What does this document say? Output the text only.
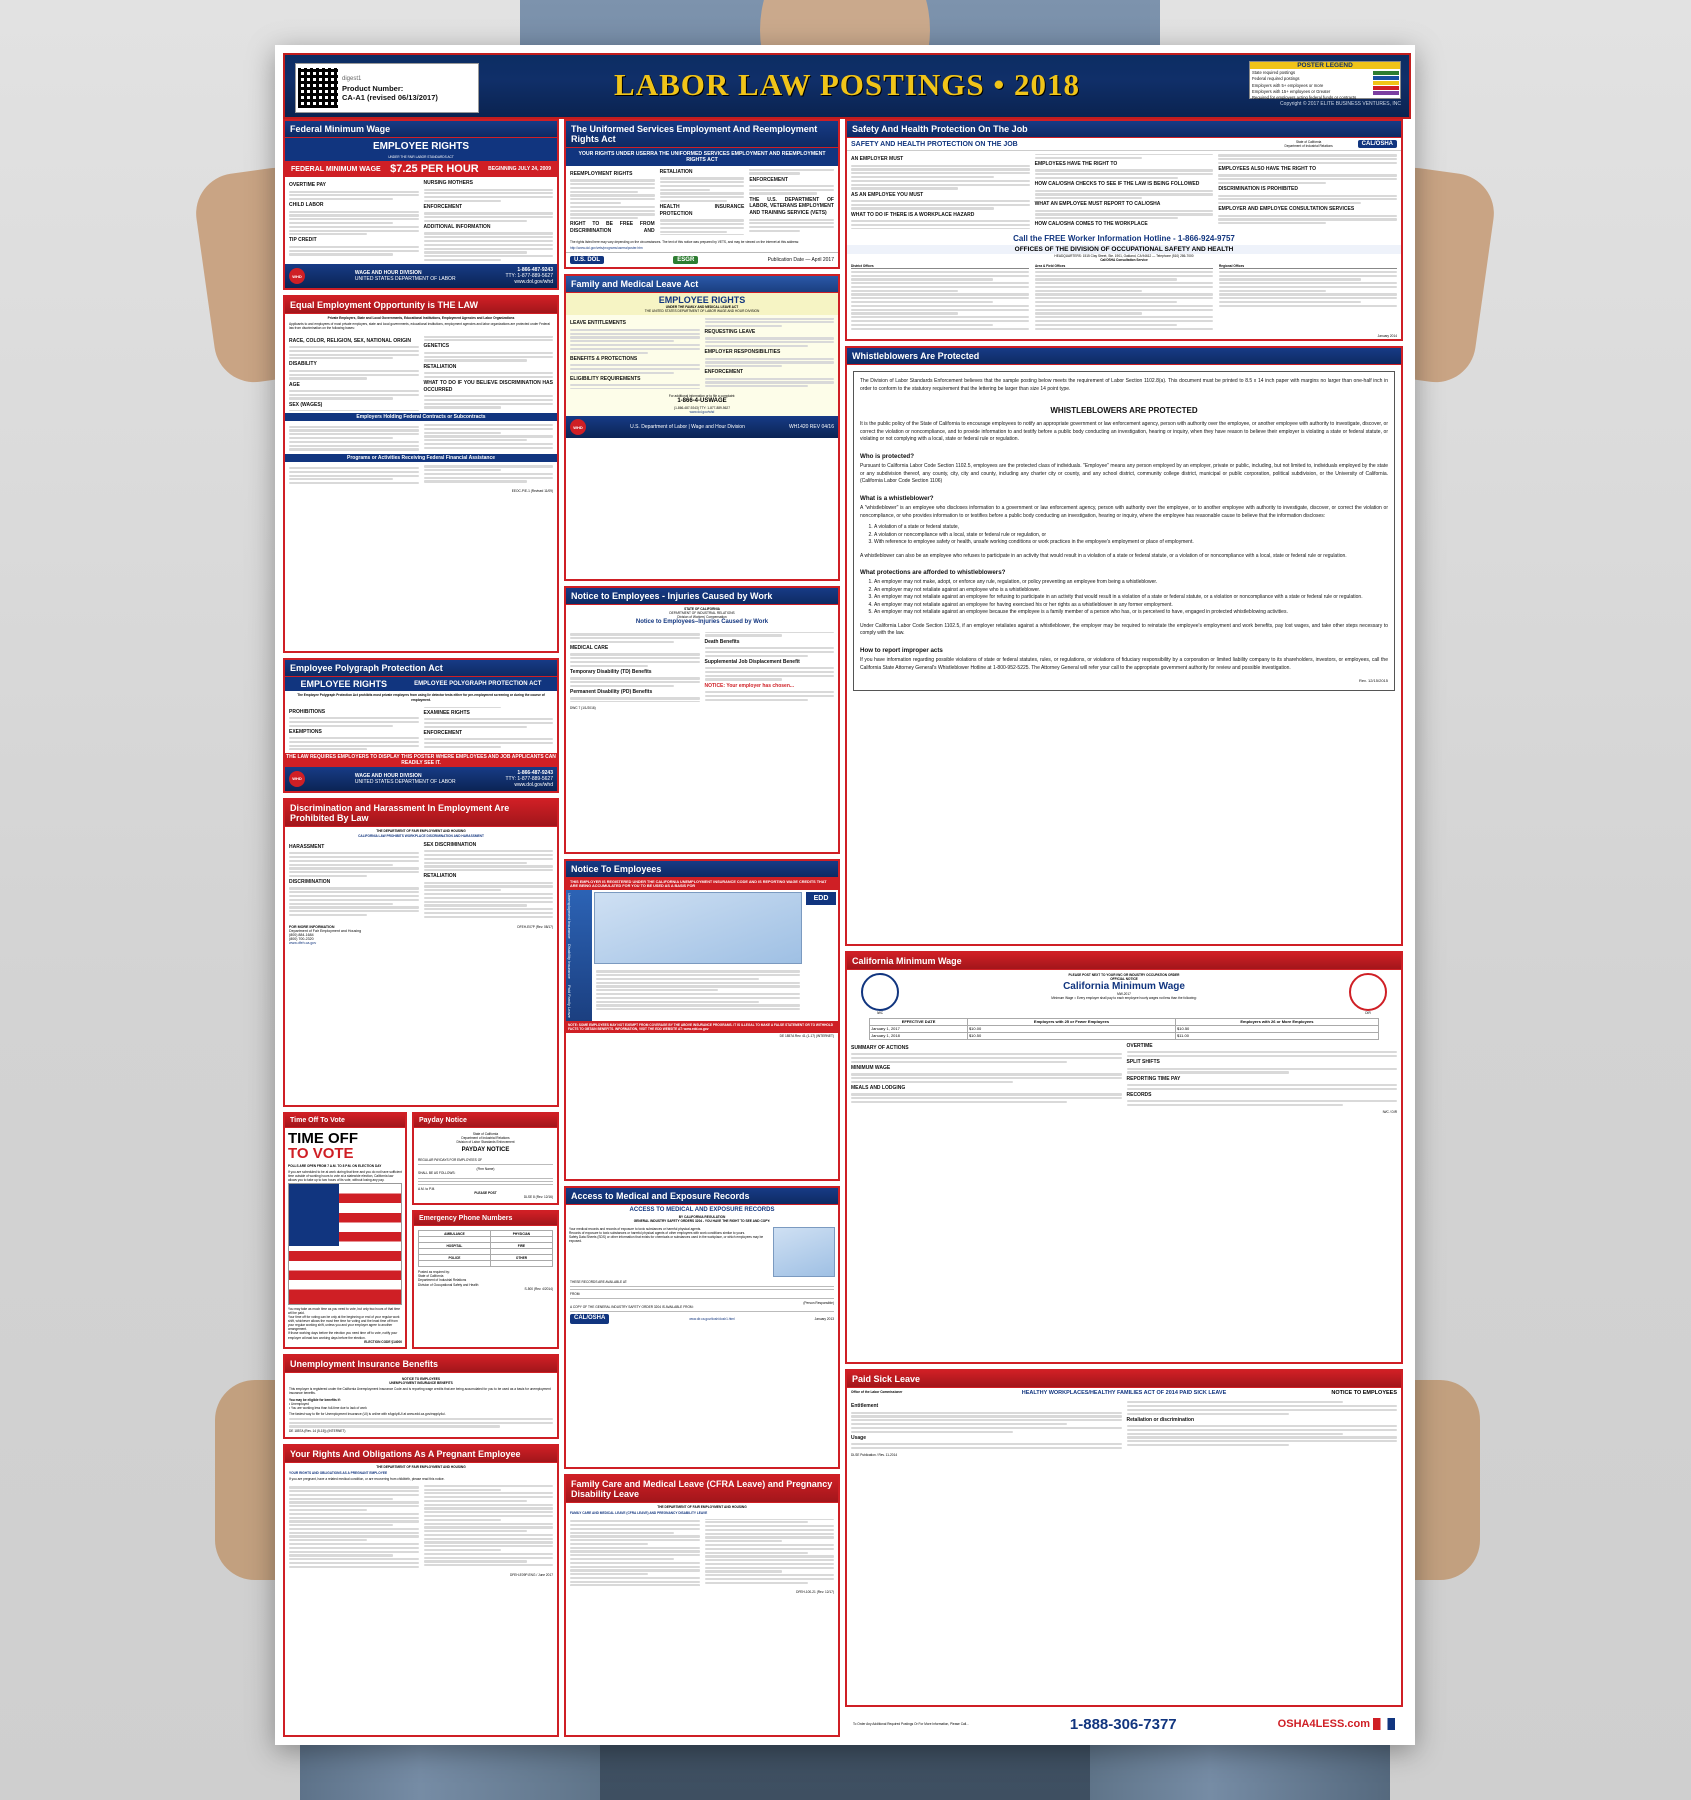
digest1
Product Number:
CA-A1 (revised 06/13/2017)	LABOR LAW POSTINGS • 2018
POSTER LEGEND
State required postings
Federal required postings
Employers with 5+ employees or more
Employers with 15+ employees or Greater
Required for employers acting federal funds or contracts
Copyright © 2017 ELITE BUSINESS VENTURES, INC
Federal Minimum Wage
EMPLOYEE RIGHTS
UNDER THE FAIR LABOR STANDARDS ACT
FEDERAL MINIMUM WAGE $7.25 PER HOUR BEGINNING JULY 24, 2009
OVERTIME PAY
CHILD LABOR
TIP CREDIT
NURSING MOTHERS
ENFORCEMENT
ADDITIONAL INFORMATION
WHD	WAGE AND HOUR DIVISION
UNITED STATES DEPARTMENT OF LABOR
1-866-487-9243
TTY: 1-877-889-5627
www.dol.gov/whd
Equal Employment Opportunity is THE LAW
Private Employers, State and Local Governments, Educational Institutions, Employment Agencies and Labor Organizations
Applicants to and employees of most private employers, state and local governments, educational institutions, employment agencies and labor organizations are protected under Federal law from discrimination on the following bases:
RACE, COLOR, RELIGION, SEX, NATIONAL ORIGIN
DISABILITY
AGE
SEX (WAGES)
GENETICS
RETALIATION
WHAT TO DO IF YOU BELIEVE DISCRIMINATION HAS OCCURRED
Employers Holding Federal Contracts or Subcontracts
Programs or Activities Receiving Federal Financial Assistance
EEOC-P/E-1 (Revised 11/09)
Employee Polygraph Protection Act
EMPLOYEE RIGHTS	EMPLOYEE POLYGRAPH PROTECTION ACT
The Employee Polygraph Protection Act prohibits most private employers from using lie detector tests either for pre-employment screening or during the course of employment.
PROHIBITIONS
EXEMPTIONS
EXAMINEE RIGHTS
ENFORCEMENT
THE LAW REQUIRES EMPLOYERS TO DISPLAY THIS POSTER WHERE EMPLOYEES AND JOB APPLICANTS CAN READILY SEE IT.
WHD	WAGE AND HOUR DIVISION
UNITED STATES DEPARTMENT OF LABOR
1-866-487-9243
TTY: 1-877-889-5627
www.dol.gov/whd
Discrimination and Harassment In Employment Are Prohibited By Law
THE DEPARTMENT OF FAIR EMPLOYMENT AND HOUSING
CALIFORNIA LAW PROHIBITS WORKPLACE DISCRIMINATION AND HARASSMENT
HARASSMENT
DISCRIMINATION
SEX DISCRIMINATION
RETALIATION
FOR MORE INFORMATION
Department of Fair Employment and Housing
(800) 884-1684
(800) 700-2320
www.dfeh.ca.gov
DFEH-E07P (Rev. 08/17)
Time Off To Vote
TIME OFF
TO VOTE
POLLS ARE OPEN FROM 7 A.M. TO 8 P.M. ON ELECTION DAY
If you are scheduled to be at work during that time and you do not have sufficient time outside of working hours to vote at a statewide election, California law allows you to take up to two hours of its vote, without losing any pay.
You may take as much time as you need to vote, but only two hours of that time will be paid.
Your time off for voting can be only at the beginning or end of your regular work shift, whichever allows the most free time for voting and the least time off from your regular working shift, unless you and your employer agree to another arrangement.
If those working days before the election you need time off to vote, notify your employer at least two working days before the election.
ELECTION CODE §14000
Payday Notice
State of California
Department of Industrial Relations
Division of Labor Standards Enforcement
PAYDAY NOTICE
REGULAR PAYDAYS FOR EMPLOYEES OF
(Firm Name)
SHALL BE AS FOLLOWS:
A.M. to P.M.
PLEASE POST
DLSE 8 (Rev. 12/16)
Emergency Phone Numbers
AMBULANCE	PHYSICIAN

HOSPITAL	FIRE

POLICE	OTHER

Posted as required by:
State of California
Department of Industrial Relations
Division of Occupational Safety and Health
S-500 (Rev. 4/2014)
Unemployment Insurance Benefits
NOTICE TO EMPLOYEES
UNEMPLOYMENT INSURANCE BENEFITS
This employer is registered under the California Unemployment Insurance Code and is reporting wage credits that are being accumulated for you to be used as a basis for unemployment insurance benefits.
You may be eligible for benefits if:
• Unemployed
• You are working less than full-time due to lack of work
The fastest way to file for Unemployment Insurance (UI) is online with eApply4UI at www.edd.ca.gov/eapply4ui.
DE 1857A (Rev. 14 (5-15)) (INTERNET)
Your Rights And Obligations As A Pregnant Employee
THE DEPARTMENT OF FAIR EMPLOYMENT AND HOUSING
YOUR RIGHTS AND OBLIGATIONS AS A PREGNANT EMPLOYEE
If you are pregnant, have a related medical condition, or are recovering from childbirth, please read this notice.
DFEH-E09P-ENG / June 2017
The Uniformed Services Employment And Reemployment Rights Act
YOUR RIGHTS UNDER USERRA THE UNIFORMED SERVICES EMPLOYMENT AND REEMPLOYMENT RIGHTS ACT
REEMPLOYMENT RIGHTS
RIGHT TO BE FREE FROM DISCRIMINATION AND RETALIATION
HEALTH INSURANCE PROTECTION
ENFORCEMENT
THE U.S. DEPARTMENT OF LABOR, VETERANS EMPLOYMENT AND TRAINING SERVICE (VETS)
The rights listed here may vary depending on the circumstances. The text of this notice was prepared by VETS, and may be viewed on the internet at this address:
http://www.dol.gov/vets/programs/userra/poster.htm
U.S. DOL	ESGR	Publication Date — April 2017
Family and Medical Leave Act
EMPLOYEE RIGHTS
UNDER THE FAMILY AND MEDICAL LEAVE ACT
THE UNITED STATES DEPARTMENT OF LABOR WAGE AND HOUR DIVISION
LEAVE ENTITLEMENTS
BENEFITS & PROTECTIONS
ELIGIBILITY REQUIREMENTS
REQUESTING LEAVE
EMPLOYER RESPONSIBILITIES
ENFORCEMENT
For additional information or to file a complaint:
1-866-4-USWAGE
(1-866-487-9243) TTY: 1-877-889-5627
www.dol.gov/whd
WHD	U.S. Department of Labor | Wage and Hour Division	WH1420 REV 04/16
Notice to Employees - Injuries Caused by Work
STATE OF CALIFORNIA
DEPARTMENT OF INDUSTRIAL RELATIONS
Division of Workers' Compensation
Notice to Employees–Injuries Caused by Work
MEDICAL CARE
Temporary Disability (TD) Benefits
Permanent Disability (PD) Benefits
Death Benefits
Supplemental Job Displacement Benefit
NOTICE: Your employer has chosen...
DWC 7 (1/1/2016)
Notice To Employees
THIS EMPLOYER IS REGISTERED UNDER THE CALIFORNIA UNEMPLOYMENT INSURANCE CODE AND IS REPORTING WAGE CREDITS THAT ARE BEING ACCUMULATED FOR YOU TO BE USED AS A BASIS FOR
Unemployment Insurance
Disability Insurance
Paid Family Leave
EDD
NOTE: SOME EMPLOYEES MAY NOT EXEMPT FROM COVERAGE BY THE ABOVE INSURANCE PROGRAMS. IT IS ILLEGAL TO MAKE A FALSE STATEMENT OR TO WITHHOLD FACTS TO OBTAIN BENEFITS. INFORMATION, VISIT THE EDD WEBSITE AT: www.edd.ca.gov
DE 1857A Rev. 41 (1-17) (INTERNET)
Access to Medical and Exposure Records
ACCESS TO MEDICAL AND EXPOSURE RECORDS
BY CALIFORNIA REGULATION
GENERAL INDUSTRY SAFETY ORDERS 3204 - YOU HAVE THE RIGHT TO SEE AND COPY:
Your medical records and records of exposure to toxic substances or harmful physical agents.
Records of exposure to toxic substances or harmful physical agents of other employees with work conditions similar to yours.
Safety Data Sheets (SDS) or other information that exists for chemicals or substances used in the workplace, or which employees may be exposed.
THESE RECORDS ARE AVAILABLE AT:
FROM:
(Person Responsible)
A COPY OF THE GENERAL INDUSTRY SAFETY ORDER 3204 IS AVAILABLE FROM:
CAL/OSHA	www.dir.ca.gov/dosh/dosh1.html	January 2013
Family Care and Medical Leave (CFRA Leave) and Pregnancy Disability Leave
THE DEPARTMENT OF FAIR EMPLOYMENT AND HOUSING
FAMILY CARE AND MEDICAL LEAVE (CFRA LEAVE) AND PREGNANCY DISABILITY LEAVE
DFEH-100-21 (Rev. 12/17)
Safety And Health Protection On The Job
SAFETY AND HEALTH PROTECTION ON THE JOB	State of California
Department of Industrial Relations	CAL/OSHA
AN EMPLOYER MUST
AS AN EMPLOYEE YOU MUST
WHAT TO DO IF THERE IS A WORKPLACE HAZARD
EMPLOYEES HAVE THE RIGHT TO
HOW CAL/OSHA CHECKS TO SEE IF THE LAW IS BEING FOLLOWED
WHAT AN EMPLOYEE MUST REPORT TO CAL/OSHA
HOW CAL/OSHA COMES TO THE WORKPLACE
EMPLOYEES ALSO HAVE THE RIGHT TO
DISCRIMINATION IS PROHIBITED
EMPLOYER AND EMPLOYEE CONSULTATION SERVICES
Call the FREE Worker Information Hotline - 1-866-924-9757
OFFICES OF THE DIVISION OF OCCUPATIONAL SAFETY AND HEALTH
HEADQUARTERS: 1515 Clay Street, Ste. 1901, Oakland, CA 94612 — Telephone (510) 286-7000
Cal/OSHA Consultation Service
District Offices	Area & Field Offices	Regional Offices
January 2014
Whistleblowers Are Protected

The Division of Labor Standards Enforcement believes that the sample posting below meets the requirement of Labor Section 1102.8(a). This document must be printed to 8.5 x 14 inch paper with margins no larger than one-half inch in order to conform to the statutory requirement that the lettering be larger than size 14 point type.

WHISTLEBLOWERS ARE PROTECTED

It is the public policy of the State of California to encourage employees to notify an appropriate government or law enforcement agency, person with authority over the employee, or another employee with authority to investigate, discover, or correct the violation or noncompliance, and to provide information to and testify before a public body conducting an investigation, hearing or inquiry, when they have reason to believe their employer is violating a state or federal statute, or violating or not complying with a local, state or federal rule or regulation.

Who is protected?

Pursuant to California Labor Code Section 1102.5, employees are the protected class of individuals. "Employee" means any person employed by an employer, private or public, including, but not limited to, individuals employed by the state or any subdivision thereof, any county, city, city and county, including any charter city or county, and any school district, community college district, municipal or public corporation, political subdivision, or the University of California. (California Labor Code Section 1106)

What is a whistleblower?

A "whistleblower" is an employee who discloses information to a government or law enforcement agency, person with authority over the employee, or to another employee with authority to investigate, discover, or correct the violation or noncompliance, or who provides information to or testifies before a public body conducting an investigation, hearing or inquiry, where the employee has reasonable cause to believe that the information discloses:

1. A violation of a state or federal statute,
2. A violation or noncompliance with a local, state or federal rule or regulation, or
3. With reference to employee safety or health, unsafe working conditions or work practices in the employee's employment or place of employment.

A whistleblower can also be an employee who refuses to participate in an activity that would result in a violation of a state or federal statute, or a violation of or noncompliance with a local, state or federal rule or regulation.

What protections are afforded to whistleblowers?
1. An employer may not make, adopt, or enforce any rule, regulation, or policy preventing an employee from being a whistleblower.
2. An employer may not retaliate against an employee who is a whistleblower.
3. An employer may not retaliate against an employee for refusing to participate in an activity that would result in a violation of a state or federal statute, or a violation or noncompliance with a state or federal rule or regulation.
4. An employer may not retaliate against an employee for having exercised his or her rights as a whistleblower in any former employment.
5. An employer may not retaliate against an employee because the employee is a family member of a person who has, or is perceived to have, engaged in protected whistleblowing activities.

Under California Labor Code Section 1102.5, if an employer retaliates against a whistleblower, the employer may be required to reinstate the employee's employment and work benefits, pay lost wages, and take other steps necessary to comply with the law.

How to report improper acts

If you have information regarding possible violations of state or federal statutes, rules, or regulations, or violations of fiduciary responsibility by a corporation or limited liability company to its shareholders, investors, or employees, call the California State Attorney General's Whistleblower Hotline at 1-800-952-5225. The Attorney General will refer your call to the appropriate government authority for review and possible investigation.

Rev. 12/15/2015
California Minimum Wage
IWC
PLEASE POST NEXT TO YOUR IWC OR INDUSTRY OCCUPATION ORDER
OFFICIAL NOTICE
California Minimum Wage
MW-2017
Minimum Wage = Every employer shall pay to each employee hourly wages not less than the following:
DIR
EFFECTIVE DATE	Employers with 25 or Fewer Employees	Employers with 26 or More Employees
January 1, 2017	$10.00	$10.50
January 1, 2018	$10.50	$11.00
SUMMARY OF ACTIONS
MINIMUM WAGE
MEALS AND LODGING
OVERTIME
SPLIT SHIFTS
REPORTING TIME PAY
RECORDS
IWC / DIR
Paid Sick Leave
Office of the Labor Commissioner	HEALTHY WORKPLACES/HEALTHY FAMILIES ACT OF 2014 PAID SICK LEAVE	NOTICE TO EMPLOYEES
Entitlement
Usage
Retaliation or discrimination
DLSE Publication / Rev. 11-2014
To Order Any Additional Required Postings Or For More Information, Please Call...	1-888-306-7377	OSHA4LESS.com
